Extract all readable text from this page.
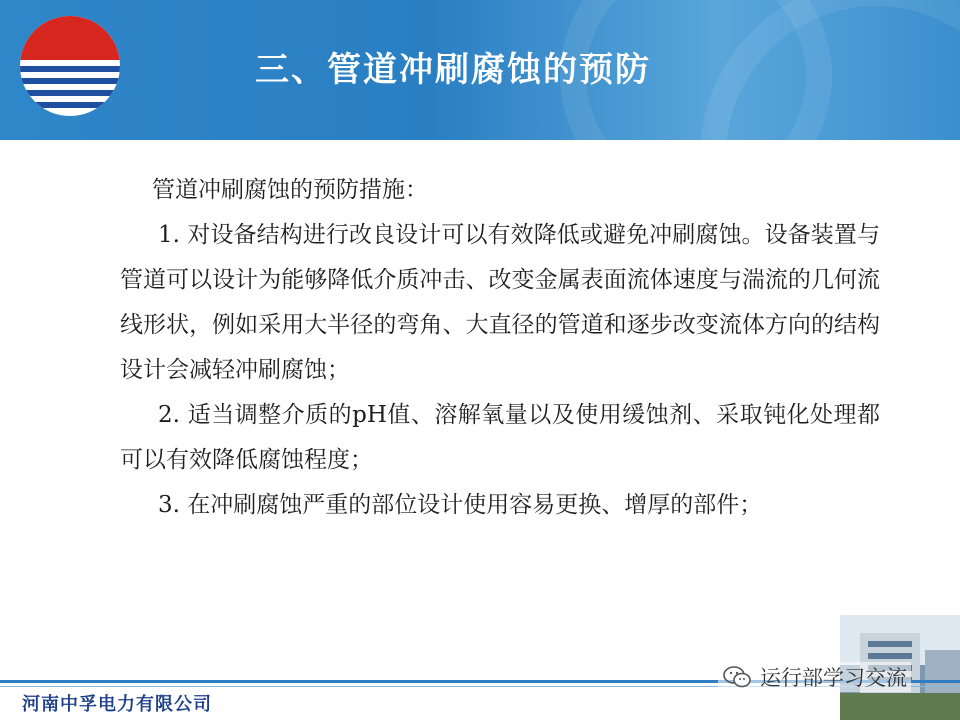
三、管道冲刷腐蚀的预防

管道冲刷腐蚀的预防措施：

1. 对设备结构进行改良设计可以有效降低或避免冲刷腐蚀。设备装置与管道可以设计为能够降低介质冲击、改变金属表面流体速度与湍流的几何流线形状，例如采用大半径的弯角、大直径的管道和逐步改变流体方向的结构设计会减轻冲刷腐蚀；

2. 适当调整介质的pH值、溶解氧量以及使用缓蚀剂、采取钝化处理都可以有效降低腐蚀程度；

3. 在冲刷腐蚀严重的部位设计使用容易更换、增厚的部件；

河南中孚电力有限公司
运行部学习交流
